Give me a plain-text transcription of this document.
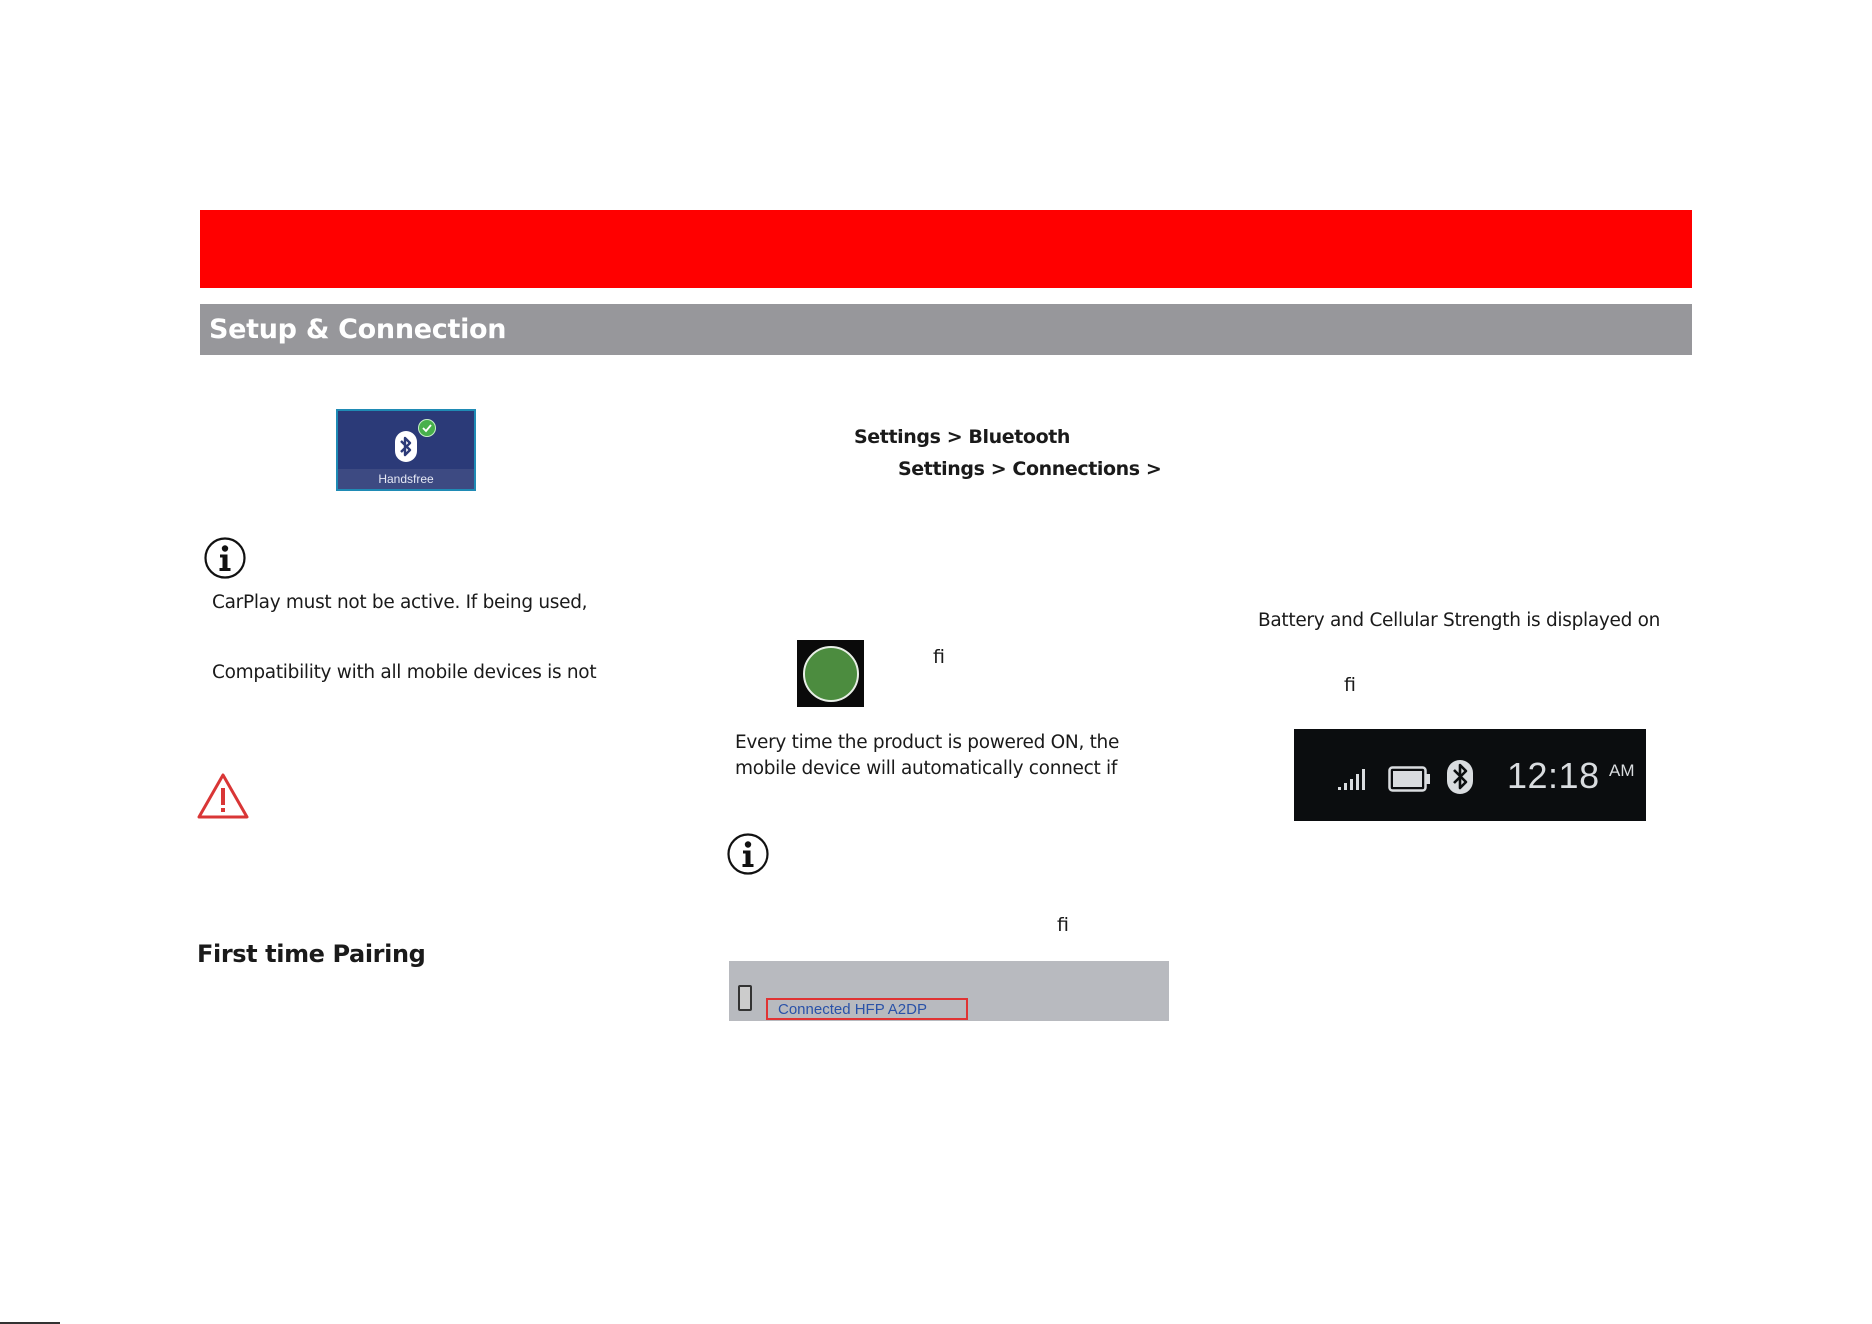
Setup & Connection
Handsfree
CarPlay must not be active. If being used,
Compatibility with all mobile devices is not
First time Pairing
Settings > Bluetooth
Settings > Connections >
fi
Every time the product is powered ON, the
mobile device will automatically connect if
fi
Connected HFP A2DP
Battery and Cellular Strength is displayed on
fi
12:18 AM
